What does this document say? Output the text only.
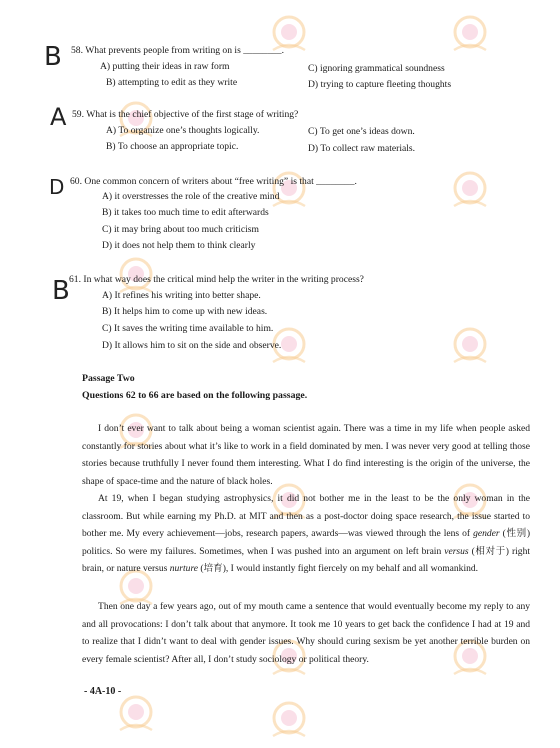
B
A
D
B
58. What prevents people from writing on is ________.
A) putting their ideas in raw form	C) ignoring grammatical soundness
B) attempting to edit as they write	D) trying to capture fleeting thoughts
59. What is the chief objective of the first stage of writing?
A) To organize one’s thoughts logically.	C) To get one’s ideas down.
B) To choose an appropriate topic.	D) To collect raw materials.
60. One common concern of writers about “free writing” is that ________.
A) it overstresses the role of the creative mind
B) it takes too much time to edit afterwards
C) it may bring about too much criticism
D) it does not help them to think clearly
61. In what way does the critical mind help the writer in the writing process?
A) It refines his writing into better shape.
B) It helps him to come up with new ideas.
C) It saves the writing time available to him.
D) It allows him to sit on the side and observe.
Passage Two
Questions 62 to 66 are based on the following passage.
I don’t ever want to talk about being a woman scientist again. There was a time in my life when people asked constantly for stories about what it’s like to work in a field dominated by men. I was never very good at telling those stories because truthfully I never found them interesting. What I do find interesting is the origin of the universe, the shape of space-time and the nature of black holes.
At 19, when I began studying astrophysics, it did not bother me in the least to be the only woman in the classroom. But while earning my Ph.D. at MIT and then as a post-doctor doing space research, the issue started to bother me. My every achievement—jobs, research papers, awards—was viewed through the lens of gender (性别) politics. So were my failures. Sometimes, when I was pushed into an argument on left brain versus (相对于) right brain, or nature versus nurture (培育), I would instantly fight fiercely on my behalf and all womankind.
Then one day a few years ago, out of my mouth came a sentence that would eventually become my reply to any and all provocations: I don’t talk about that anymore. It took me 10 years to get back the confidence I had at 19 and to realize that I didn’t want to deal with gender issues. Why should curing sexism be yet another terrible burden on every female scientist? After all, I don’t study sociology or political theory.
- 4A-10 -
